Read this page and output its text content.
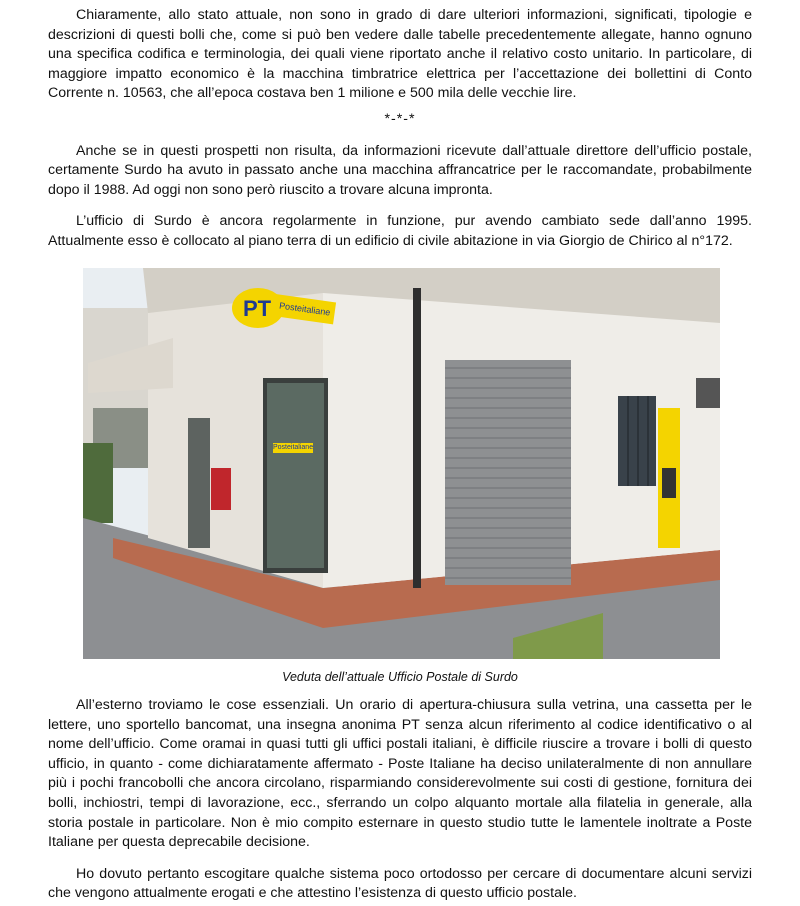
Chiaramente, allo stato attuale, non sono in grado di dare ulteriori informazioni, significati, tipologie e descrizioni di questi bolli che, come si può ben vedere dalle tabelle precedentemente allegate, hanno ognuno una specifica codifica e terminologia, dei quali viene riportato anche il relativo costo unitario. In particolare, di maggiore impatto economico è la macchina timbratrice elettrica per l’accettazione dei bollettini di Conto Corrente n. 10563, che all’epoca costava ben 1 milione e 500 mila delle vecchie lire.

*-*-*

Anche se in questi prospetti non risulta, da informazioni ricevute dall’attuale direttore dell’ufficio postale, certamente Surdo ha avuto in passato anche una macchina affrancatrice per le raccomandate, probabilmente dopo il 1988. Ad oggi non sono però riuscito a trovare alcuna impronta.

L’ufficio di Surdo è ancora regolarmente in funzione, pur avendo cambiato sede dall’anno 1995. Attualmente esso è collocato al piano terra di un edificio di civile abitazione in via Giorgio de Chirico al n°172.

PT Posteitaliane
Posteitaliane
Veduta dell’attuale Ufficio Postale di Surdo

All’esterno troviamo le cose essenziali. Un orario di apertura-chiusura sulla vetrina, una cassetta per le lettere, uno sportello bancomat, una insegna anonima PT senza alcun riferimento al codice identificativo o al nome dell’ufficio. Come oramai in quasi tutti gli uffici postali italiani, è difficile riuscire a trovare i bolli di questo ufficio, in quanto - come dichiaratamente affermato - Poste Italiane ha deciso unilateralmente di non annullare più i pochi francobolli che ancora circolano, risparmiando considerevolmente sui costi di gestione, fornitura dei bolli, inchiostri, tempi di lavorazione, ecc., sferrando un colpo alquanto mortale alla filatelia in generale, alla storia postale in particolare. Non è mio compito esternare in questo studio tutte le lamentele inoltrate a Poste Italiane per questa deprecabile decisione.

Ho dovuto pertanto escogitare qualche sistema poco ortodosso per cercare di documentare alcuni servizi che vengono attualmente erogati e che attestino l’esistenza di questo ufficio postale.
